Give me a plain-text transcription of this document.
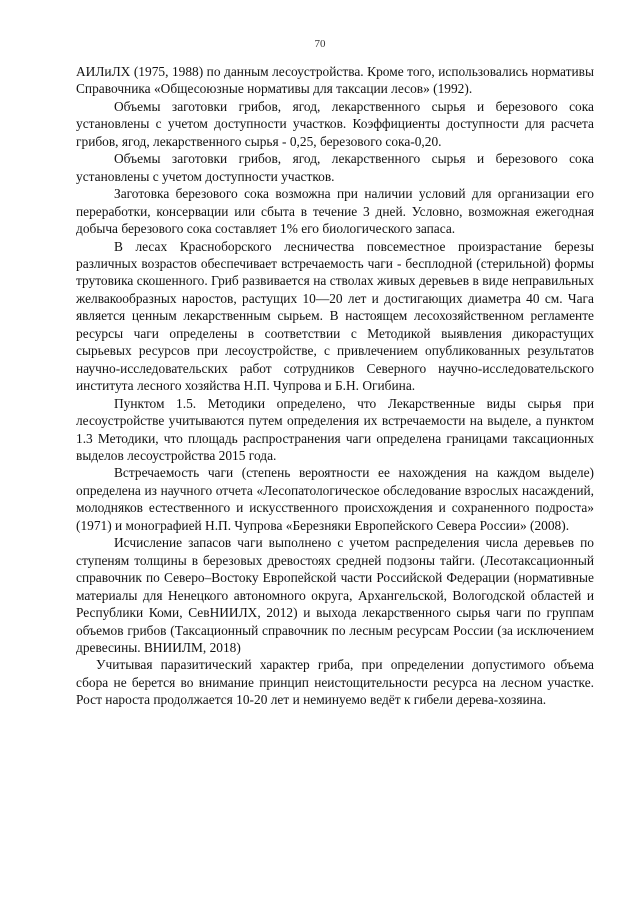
70

АИЛиЛХ (1975, 1988) по данным лесоустройства. Кроме того, использовались нормативы Справочника «Общесоюзные нормативы для таксации лесов» (1992).

Объемы заготовки грибов, ягод, лекарственного сырья и березового сока установлены с учетом доступности участков. Коэффициенты доступности для расчета грибов, ягод, лекарственного сырья - 0,25, березового сока-0,20.

Объемы заготовки грибов, ягод, лекарственного сырья и березового сока установлены с учетом доступности участков.

Заготовка березового сока возможна при наличии условий для организации его переработки, консервации или сбыта в течение 3 дней. Условно, возможная ежегодная добыча березового сока составляет 1% его биологического запаса.

В лесах Красноборского лесничества повсеместное произрастание березы различных возрастов обеспечивает встречаемость чаги - бесплодной (стерильной) формы трутовика скошенного. Гриб развивается на стволах живых деревьев в виде неправильных желвакообразных наростов, растущих 10—20 лет и достигающих диаметра 40 см. Чага является ценным лекарственным сырьем. В настоящем лесохозяйственном регламенте ресурсы чаги определены в соответствии с Методикой выявления дикорастущих сырьевых ресурсов при лесоустройстве, с привлечением опубликованных результатов научно-исследовательских работ сотрудников Северного научно-исследовательского института лесного хозяйства Н.П. Чупрова и Б.Н. Огибина.

Пунктом 1.5. Методики определено, что Лекарственные виды сырья при лесоустройстве учитываются путем определения их встречаемости на выделе, а пунктом 1.3 Методики, что площадь распространения чаги определена границами таксационных выделов лесоустройства 2015 года.

Встречаемость чаги (степень вероятности ее нахождения на каждом выделе) определена из научного отчета «Лесопатологическое обследование взрослых насаждений, молодняков естественного и искусственного происхождения и сохраненного подроста» (1971) и монографией Н.П. Чупрова «Березняки Европейского Севера России» (2008).

Исчисление запасов чаги выполнено с учетом распределения числа деревьев по ступеням толщины в березовых древостоях средней подзоны тайги. (Лесотаксационный справочник по Северо–Востоку Европейской части Российской Федерации (нормативные материалы для Ненецкого автономного округа, Архангельской, Вологодской областей и Республики Коми, СевНИИЛХ, 2012) и выхода лекарственного сырья чаги по группам объемов грибов (Таксационный справочник по лесным ресурсам России (за исключением древесины. ВНИИЛМ, 2018)

Учитывая паразитический характер гриба, при определении допустимого объема сбора не берется во внимание принцип неистощительности ресурса на лесном участке. Рост нароста продолжается 10-20 лет и неминуемо ведёт к гибели дерева-хозяина.
